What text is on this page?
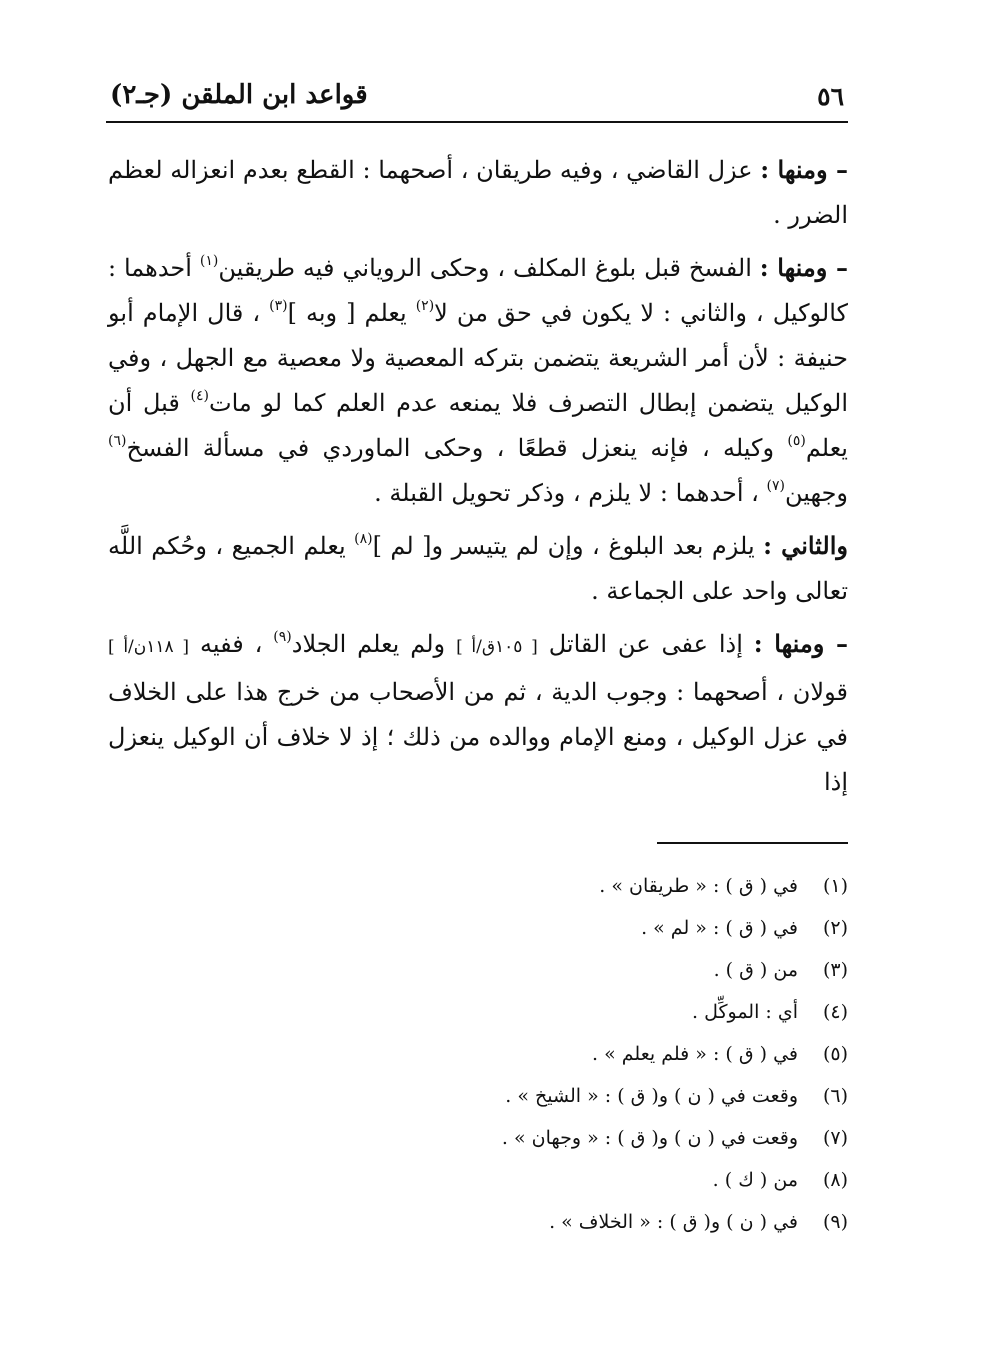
٥٦
قواعد ابن الملقن (جـ٢)

– ومنها : عزل القاضي ، وفيه طريقان ، أصحهما : القطع بعدم انعزاله لعظم الضرر .

– ومنها : الفسخ قبل بلوغ المكلف ، وحكى الروياني فيه طريقين$^{(١)}$ أحدهما : كالوكيل ، والثاني : لا يكون في حق من لا$^{(٢)}$ يعلم [ وبه ]$^{(٣)}$ ، قال الإمام أبو حنيفة : لأن أمر الشريعة يتضمن بتركه المعصية ولا معصية مع الجهل ، وفي الوكيل يتضمن إبطال التصرف فلا يمنعه عدم العلم كما لو مات$^{(٤)}$ قبل أن يعلم$^{(٥)}$ وكيله ، فإنه ينعزل قطعًا ، وحكى الماوردي في مسألة الفسخ$^{(٦)}$ وجهين$^{(٧)}$ ، أحدهما : لا يلزم ، وذكر تحويل القبلة .

والثاني : يلزم بعد البلوغ ، وإن لم يتيسر و[ لم ]$^{(٨)}$ يعلم الجميع ، وحُكم اللَّه تعالى واحد على الجماعة .

– ومنها : إذا عفى عن القاتل [ ١٠٥ق/أ ] ولم يعلم الجلاد$^{(٩)}$ ، ففيه [ ١١٨ن/أ ] قولان ، أصحهما : وجوب الدية ، ثم من الأصحاب من خرج هذا على الخلاف في عزل الوكيل ، ومنع الإمام ووالده من ذلك ؛ إذ لا خلاف أن الوكيل ينعزل إذا

(١)
في ( ق ) : « طريقان » .
(٢)
في ( ق ) : « لم » .
(٣)
من ( ق ) .
(٤)
أي : الموكِّل .
(٥)
في ( ق ) : « فلم يعلم » .
(٦)
وقعت في ( ن ) و( ق ) : « الشيخ » .
(٧)
وقعت في ( ن ) و( ق ) : « وجهان » .
(٨)
من ( ك ) .
(٩)
في ( ن ) و( ق ) : « الخلاف » .
